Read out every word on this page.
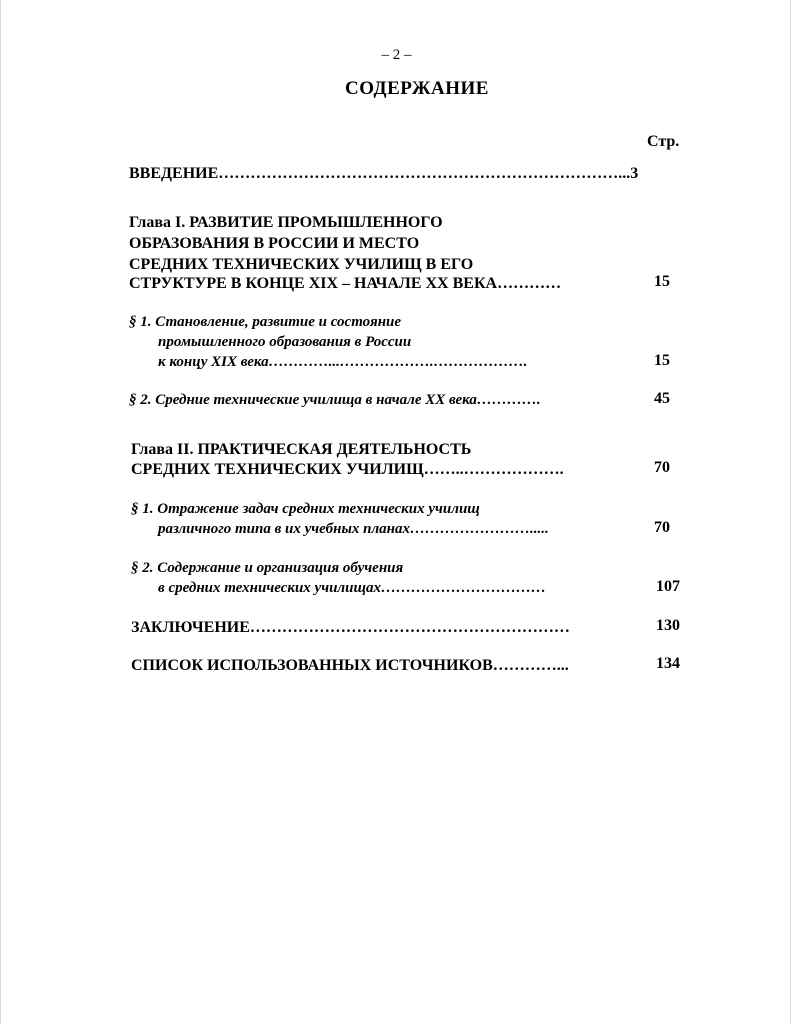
– 2 –
СОДЕРЖАНИЕ
Стр.
ВВЕДЕНИЕ…………………………………………………………………...3
Глава I. РАЗВИТИЕ ПРОМЫШЛЕННОГО
ОБРАЗОВАНИЯ В РОССИИ И МЕСТО
СРЕДНИХ ТЕХНИЧЕСКИХ УЧИЛИЩ В ЕГО
СТРУКТУРЕ В КОНЦЕ XIX – НАЧАЛЕ XX ВЕКА…………	15
§ 1. Становление, развитие и состояние
промышленного образования в России
к концу XIX века…………...……………….……………….	15
§ 2. Средние технические училища в начале XX века………….	45
Глава II. ПРАКТИЧЕСКАЯ ДЕЯТЕЛЬНОСТЬ
СРЕДНИХ ТЕХНИЧЕСКИХ УЧИЛИЩ……..……………….	70
§ 1. Отражение задач средних технических училищ
различного типа в их учебных планах…………………….....	70
§ 2. Содержание и организация обучения
в средних технических училищах……………………………	107
ЗАКЛЮЧЕНИЕ……………………………………………………	130
СПИСОК ИСПОЛЬЗОВАННЫХ ИСТОЧНИКОВ…………...	134
